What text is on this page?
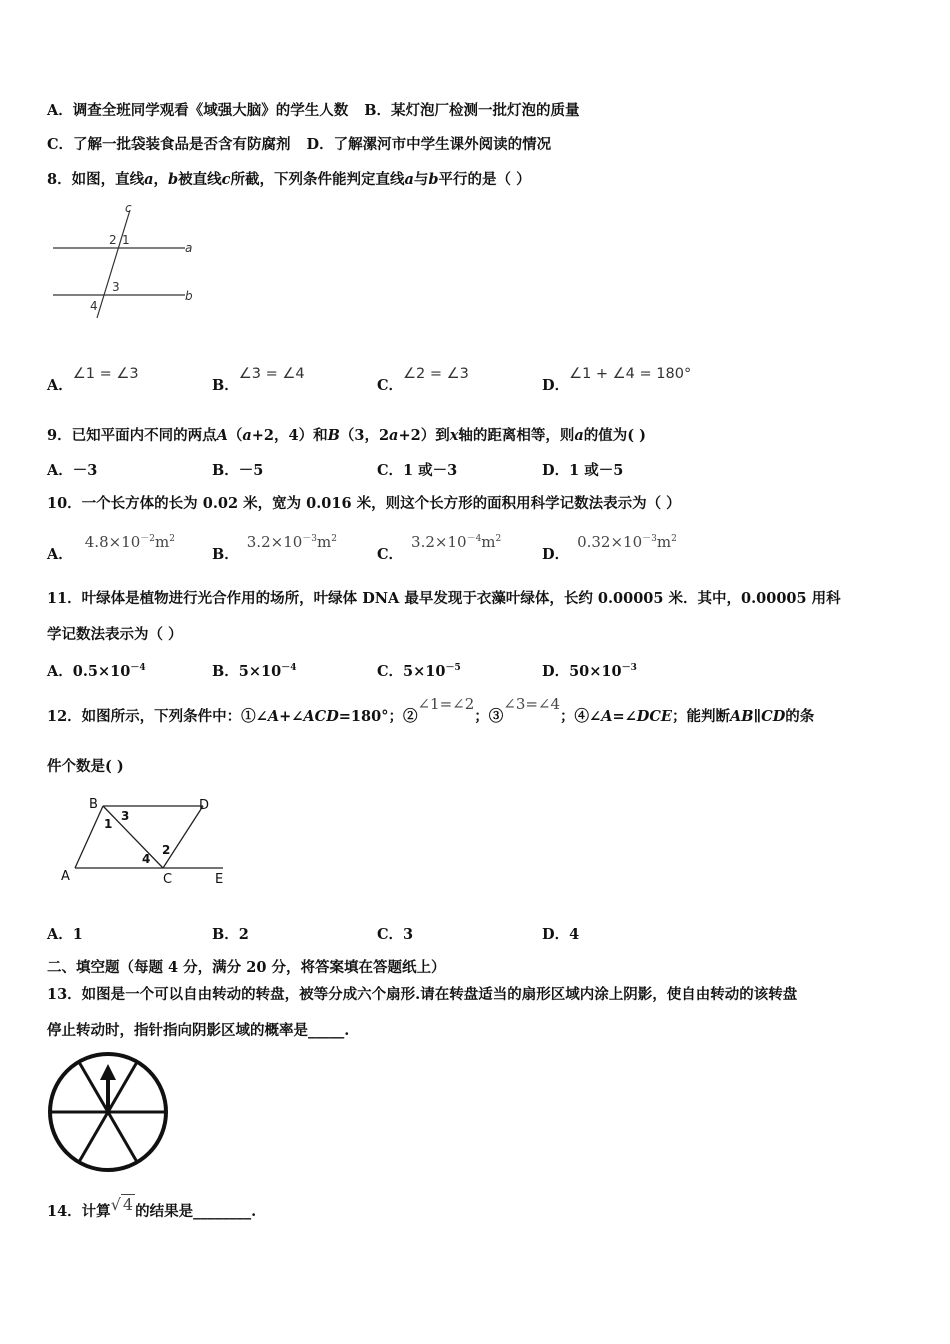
A．调查全班同学观看《域强大脑》的学生人数 B．某灯泡厂检测一批灯泡的质量
C．了解一批袋装食品是否含有防腐剂 D．了解漯河市中学生课外阅读的情况
8．如图，直线a，b被直线c所截，下列条件能判定直线a与b平行的是（ ）
c
a
b
2 1
3
4
A．∠1 = ∠3
B．∠3 = ∠4
C．∠2 = ∠3
D．∠1 + ∠4 = 180°
9．已知平面内不同的两点A（a+2，4）和B（3，2a+2）到x轴的距离相等，则a的值为( )
A．－3	B．－5	C．1 或－3	D．1 或－5
10．一个长方体的长为 0.02 米，宽为 0.016 米，则这个长方形的面积用科学记数法表示为（ ）
A．$4.8\times 10^{-2}m^2$
B．$3.2\times 10^{-3}m^2$
C．$3.2\times 10^{-4}m^2$
D．$0.32\times 10^{-3}m^2$
11．叶绿体是植物进行光合作用的场所，叶绿体 DNA 最早发现于衣藻叶绿体，长约 0.00005 米．其中，0.00005 用科
学记数法表示为（ ）
A．$0.5\times 10^{-4}$	B．$5\times 10^{-4}$	C．$5\times 10^{-5}$	D．$50\times 10^{-3}$
12．如图所示，下列条件中：①∠A+∠ACD=180°；②∠1=∠2；③∠3=∠4；④∠A=∠DCE；能判断AB∥CD的条
件个数是( )
B	D
A	C	E
1
3
2
4
A．1	B．2	C．3	D．4
二、填空题（每题 4 分，满分 20 分，将答案填在答题纸上）
13．如图是一个可以自由转动的转盘，被等分成六个扇形.请在转盘适当的扇形区域内涂上阴影，使自由转动的该转盘
停止转动时，指针指向阴影区域的概率是_____.
14．计算√ 4 的结果是________.
